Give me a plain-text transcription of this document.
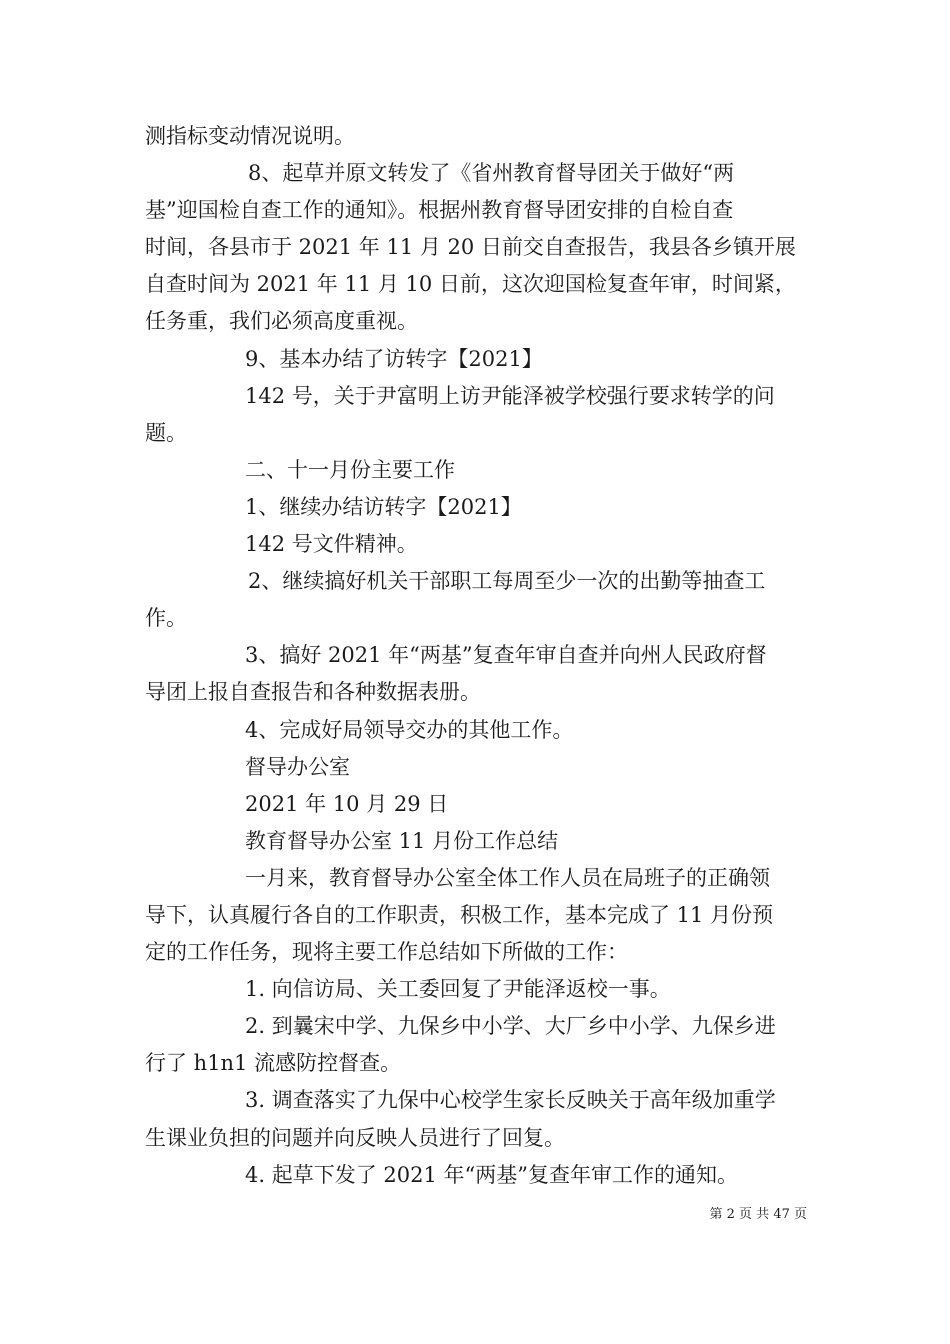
测指标变动情况说明。
8、起草并原文转发了《省州教育督导团关于做好“两
基”迎国检自查工作的通知》。根据州教育督导团安排的自检自查
时间，各县市于 2021 年 11 月 20 日前交自查报告，我县各乡镇开展
自查时间为 2021 年 11 月 10 日前，这次迎国检复查年审，时间紧，
任务重，我们必须高度重视。
9、基本办结了访转字【2021】
142 号，关于尹富明上访尹能泽被学校强行要求转学的问
题。
二、十一月份主要工作
1、继续办结访转字【2021】
142 号文件精神。
2、继续搞好机关干部职工每周至少一次的出勤等抽查工
作。
3、搞好 2021 年“两基”复查年审自查并向州人民政府督
导团上报自查报告和各种数据表册。
4、完成好局领导交办的其他工作。
督导办公室
2021 年 10 月 29 日
教育督导办公室 11 月份工作总结
一月来，教育督导办公室全体工作人员在局班子的正确领
导下，认真履行各自的工作职责，积极工作，基本完成了 11 月份预
定的工作任务，现将主要工作总结如下所做的工作：
1. 向信访局、关工委回复了尹能泽返校一事。
2. 到曩宋中学、九保乡中小学、大厂乡中小学、九保乡进
行了 h1n1 流感防控督查。
3. 调查落实了九保中心校学生家长反映关于高年级加重学
生课业负担的问题并向反映人员进行了回复。
4. 起草下发了 2021 年“两基”复查年审工作的通知。
第 2 页 共 47 页
